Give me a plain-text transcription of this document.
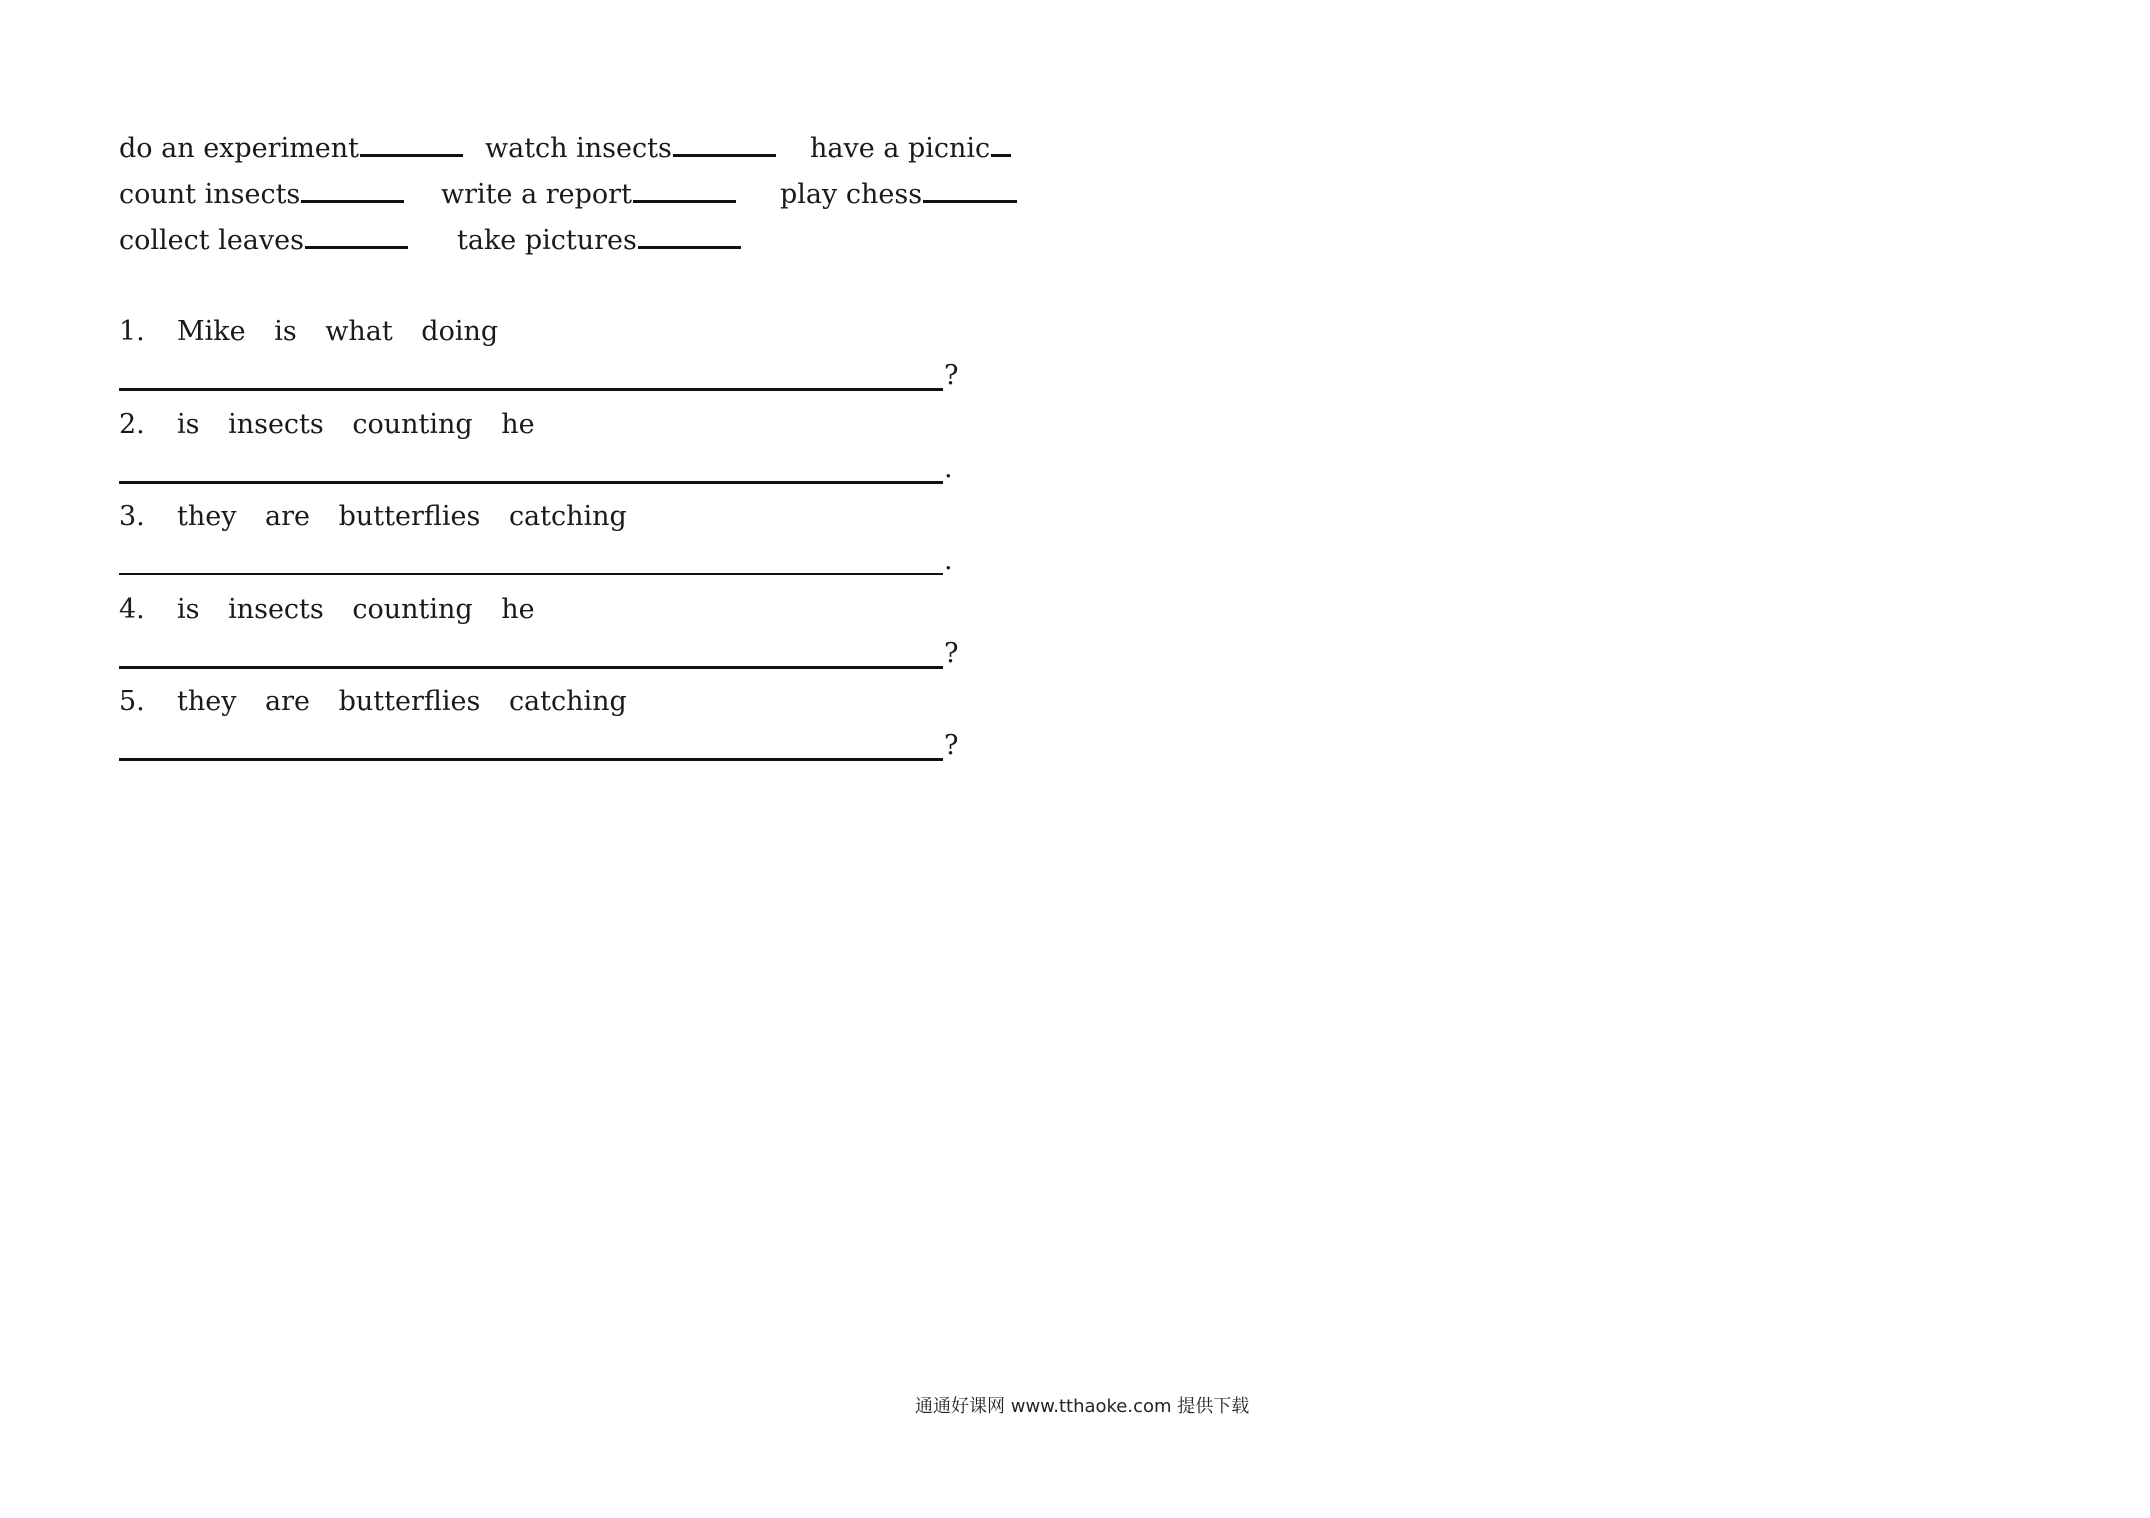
do an experiment	watch insects	have a picnic
count insects	write a report	play chess
collect leaves	take pictures
1. Mike is what doing
?
2. is insects counting he
.
3. they are butterflies catching
.
4. is insects counting he
?
5. they are butterflies catching
?
通通好课网 www.tthaoke.com 提供下载
